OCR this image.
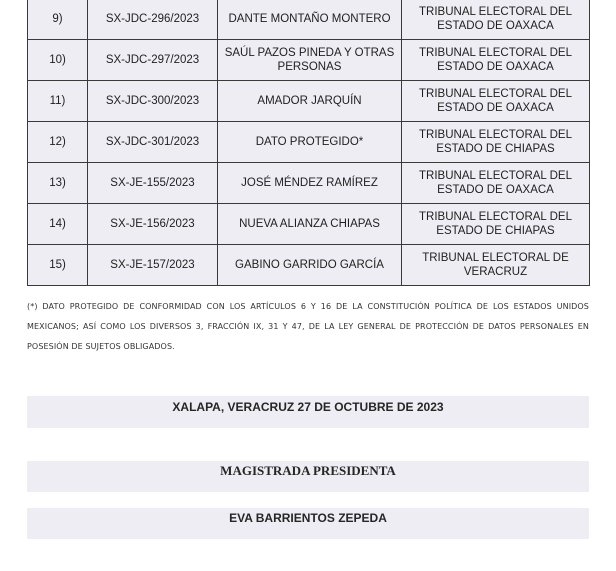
9)	SX-JDC-296/2023	DANTE MONTAÑO MONTERO	TRIBUNAL ELECTORAL DEL ESTADO DE OAXACA
10)	SX-JDC-297/2023	SAÚL PAZOS PINEDA Y OTRAS PERSONAS	TRIBUNAL ELECTORAL DEL ESTADO DE OAXACA
11)	SX-JDC-300/2023	AMADOR JARQUÍN	TRIBUNAL ELECTORAL DEL ESTADO DE OAXACA
12)	SX-JDC-301/2023	DATO PROTEGIDO*	TRIBUNAL ELECTORAL DEL ESTADO DE CHIAPAS
13)	SX-JE-155/2023	JOSÉ MÉNDEZ RAMÍREZ	TRIBUNAL ELECTORAL DEL ESTADO DE OAXACA
14)	SX-JE-156/2023	NUEVA ALIANZA CHIAPAS	TRIBUNAL ELECTORAL DEL ESTADO DE CHIAPAS
15)	SX-JE-157/2023	GABINO GARRIDO GARCÍA	TRIBUNAL ELECTORAL DE VERACRUZ

(*) DATO PROTEGIDO DE CONFORMIDAD CON LOS ARTÍCULOS 6 Y 16 DE LA CONSTITUCIÓN POLÍTICA DE LOS ESTADOS UNIDOS MEXICANOS; ASÍ COMO LOS DIVERSOS 3, FRACCIÓN IX, 31 Y 47, DE LA LEY GENERAL DE PROTECCIÓN DE DATOS PERSONALES EN POSESIÓN DE SUJETOS OBLIGADOS.

XALAPA, VERACRUZ 27 DE OCTUBRE DE 2023
MAGISTRADA PRESIDENTA
EVA BARRIENTOS ZEPEDA
